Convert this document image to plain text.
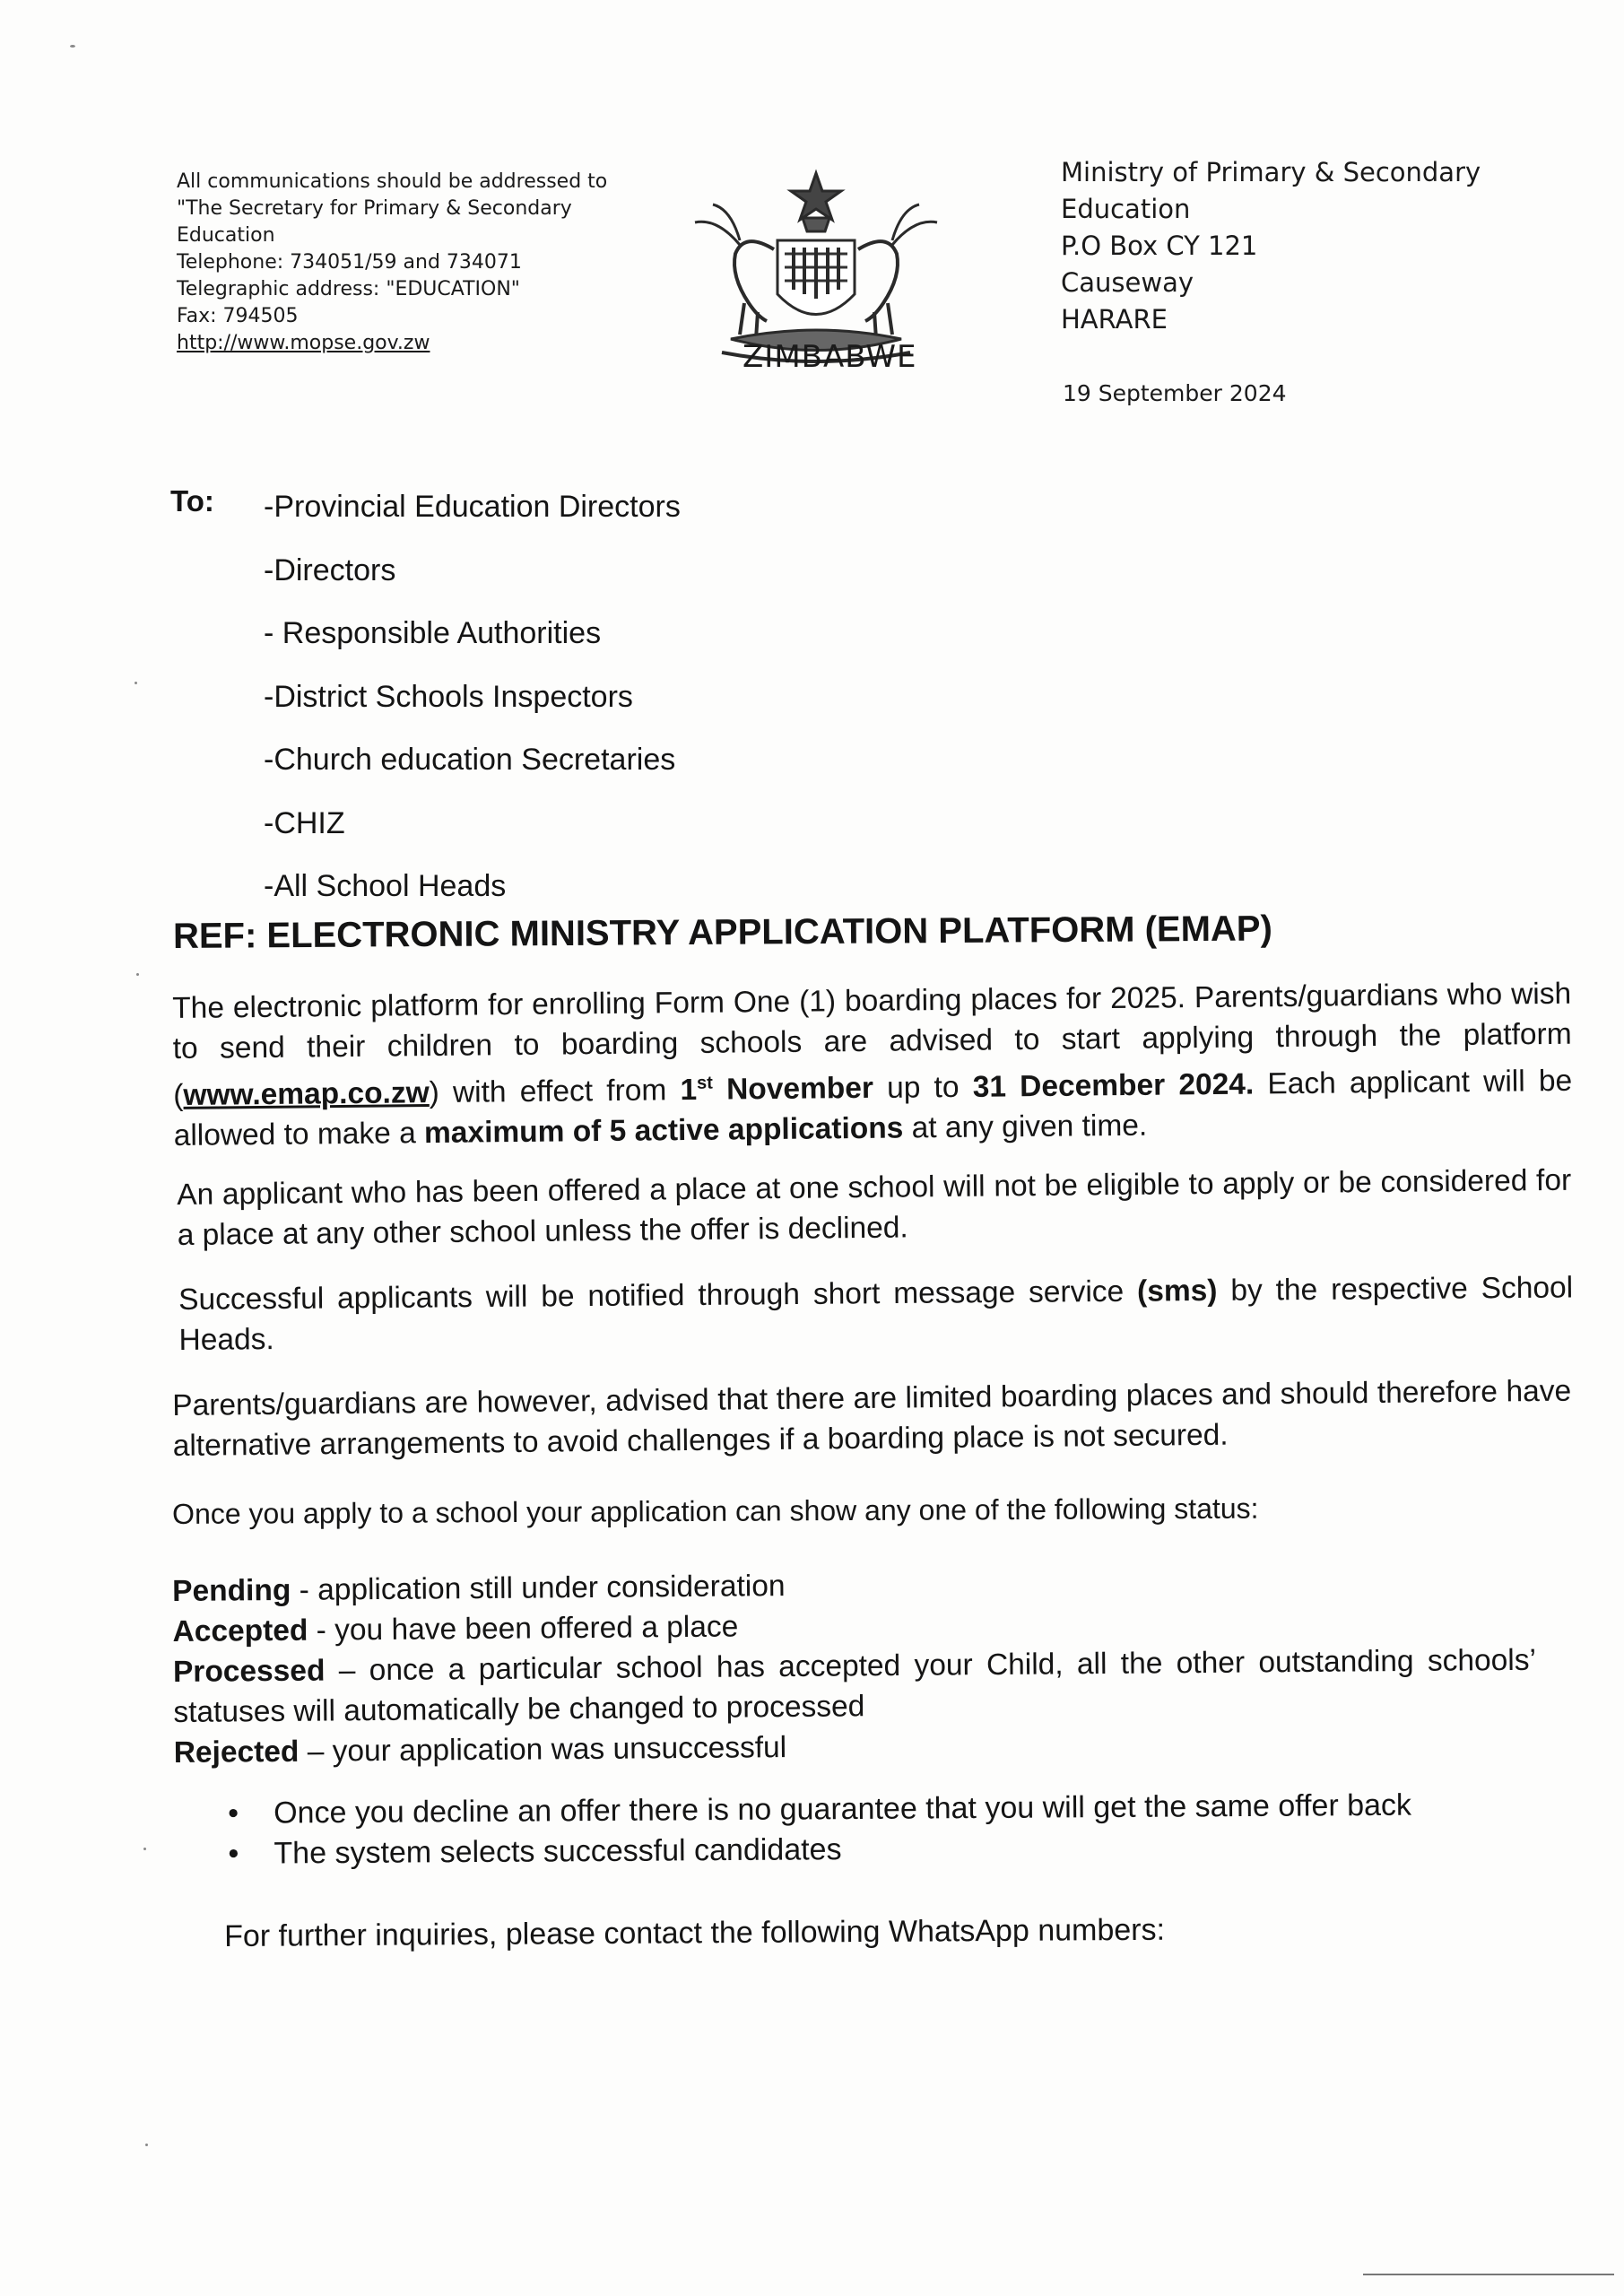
All communications should be addressed to
"The Secretary for Primary & Secondary
Education
Telephone: 734051/59 and 734071
Telegraphic address: "EDUCATION"
Fax: 794505
http://www.mopse.gov.zw	ZIMBABWE
Ministry of Primary & Secondary
Education
P.O Box CY 121
Causeway
HARARE
19 September 2024
To: -Provincial Education Directors
-Directors
- Responsible Authorities
-District Schools Inspectors
-Church education Secretaries
-CHIZ
-All School Heads
REF: ELECTRONIC MINISTRY APPLICATION PLATFORM (EMAP)
The electronic platform for enrolling Form One (1) boarding places for 2025. Parents/guardians who wish to send their children to boarding schools are advised to start applying through the platform (www.emap.co.zw) with effect from 1st November up to 31 December 2024. Each applicant will be allowed to make a maximum of 5 active applications at any given time.
An applicant who has been offered a place at one school will not be eligible to apply or be considered for a place at any other school unless the offer is declined.
Successful applicants will be notified through short message service (sms) by the respective School Heads.
Parents/guardians are however, advised that there are limited boarding places and should therefore have alternative arrangements to avoid challenges if a boarding place is not secured.
Once you apply to a school your application can show any one of the following status:
Pending - application still under consideration
Accepted - you have been offered a place
Processed – once a particular school has accepted your Child, all the other outstanding schools’ statuses will automatically be changed to processed
Rejected – your application was unsuccessful
• Once you decline an offer there is no guarantee that you will get the same offer back
• The system selects successful candidates
For further inquiries, please contact the following WhatsApp numbers:
